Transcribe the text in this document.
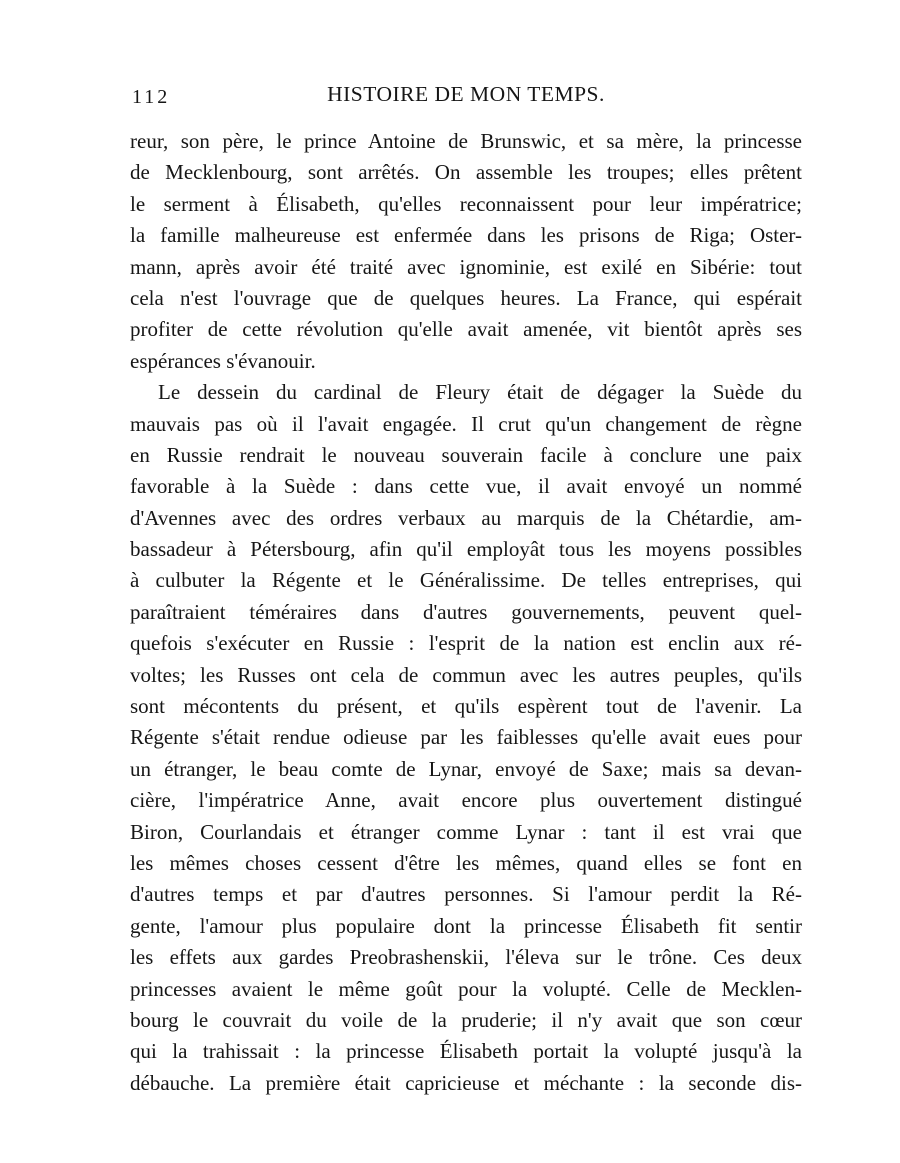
112	HISTOIRE DE MON TEMPS.
reur, son père, le prince Antoine de Brunswic, et sa mère, la princesse
de Mecklenbourg, sont arrêtés. On assemble les troupes; elles prêtent
le serment à Élisabeth, qu'elles reconnaissent pour leur impératrice;
la famille malheureuse est enfermée dans les prisons de Riga; Oster-
mann, après avoir été traité avec ignominie, est exilé en Sibérie: tout
cela n'est l'ouvrage que de quelques heures. La France, qui espérait
profiter de cette révolution qu'elle avait amenée, vit bientôt après ses
espérances s'évanouir.
Le dessein du cardinal de Fleury était de dégager la Suède du
mauvais pas où il l'avait engagée. Il crut qu'un changement de règne
en Russie rendrait le nouveau souverain facile à conclure une paix
favorable à la Suède : dans cette vue, il avait envoyé un nommé
d'Avennes avec des ordres verbaux au marquis de la Chétardie, am-
bassadeur à Pétersbourg, afin qu'il employât tous les moyens possibles
à culbuter la Régente et le Généralissime. De telles entreprises, qui
paraîtraient téméraires dans d'autres gouvernements, peuvent quel-
quefois s'exécuter en Russie : l'esprit de la nation est enclin aux ré-
voltes; les Russes ont cela de commun avec les autres peuples, qu'ils
sont mécontents du présent, et qu'ils espèrent tout de l'avenir. La
Régente s'était rendue odieuse par les faiblesses qu'elle avait eues pour
un étranger, le beau comte de Lynar, envoyé de Saxe; mais sa devan-
cière, l'impératrice Anne, avait encore plus ouvertement distingué
Biron, Courlandais et étranger comme Lynar : tant il est vrai que
les mêmes choses cessent d'être les mêmes, quand elles se font en
d'autres temps et par d'autres personnes. Si l'amour perdit la Ré-
gente, l'amour plus populaire dont la princesse Élisabeth fit sentir
les effets aux gardes Preobrashenskii, l'éleva sur le trône. Ces deux
princesses avaient le même goût pour la volupté. Celle de Mecklen-
bourg le couvrait du voile de la pruderie; il n'y avait que son cœur
qui la trahissait : la princesse Élisabeth portait la volupté jusqu'à la
débauche. La première était capricieuse et méchante : la seconde dis-
